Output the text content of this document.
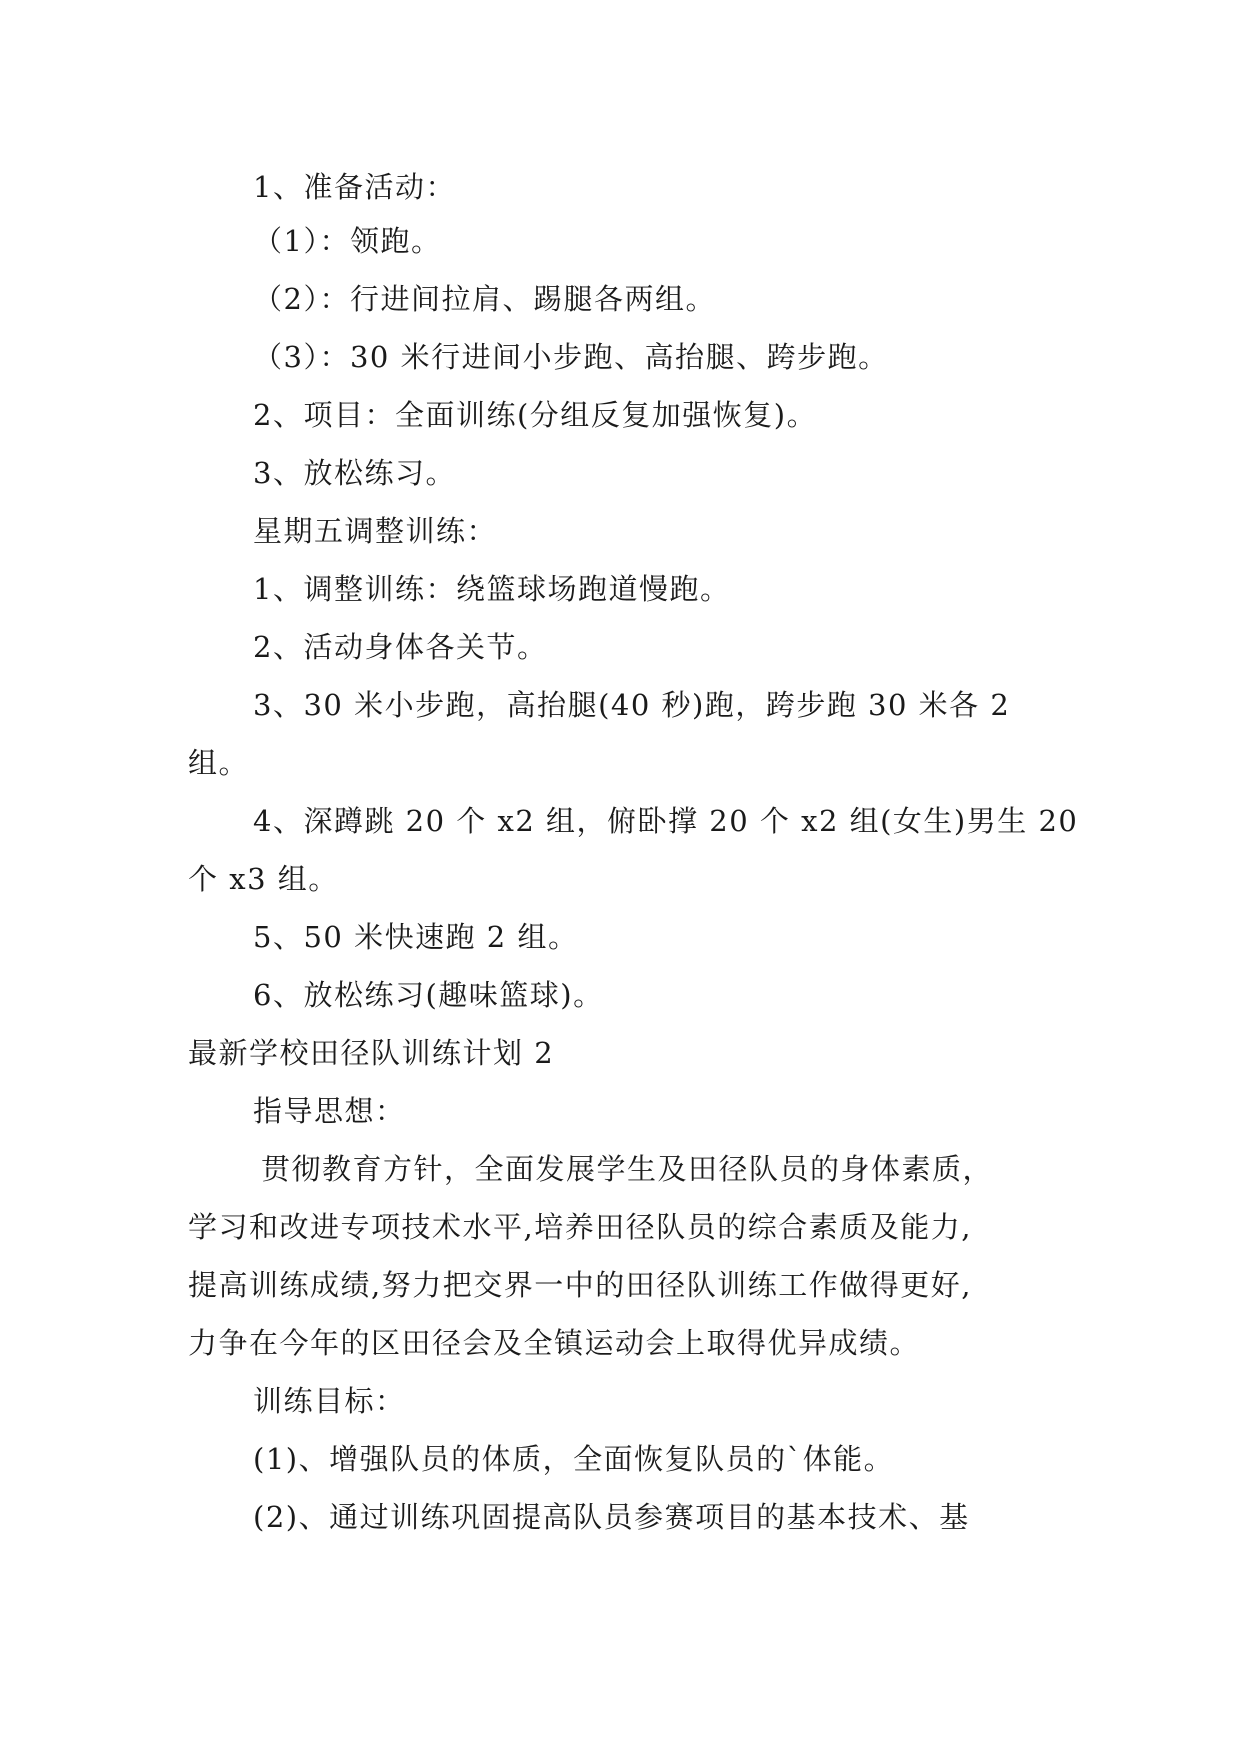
1、准备活动：

（1）：领跑。

（2）：行进间拉肩、踢腿各两组。

（3）：30 米行进间小步跑、高抬腿、跨步跑。

2、项目：全面训练(分组反复加强恢复)。

3、放松练习。

星期五调整训练：

1、调整训练：绕篮球场跑道慢跑。

2、活动身体各关节。

3、30 米小步跑，高抬腿(40 秒)跑，跨步跑 30 米各 2

组。

4、深蹲跳 20 个 x2 组，俯卧撑 20 个 x2 组(女生)男生 20

个 x3 组。

5、50 米快速跑 2 组。

6、放松练习(趣味篮球)。

最新学校田径队训练计划 2

指导思想：

贯彻教育方针，全面发展学生及田径队员的身体素质，

学习和改进专项技术水平,培养田径队员的综合素质及能力,

提高训练成绩,努力把交界一中的田径队训练工作做得更好,

力争在今年的区田径会及全镇运动会上取得优异成绩。

训练目标：

(1)、增强队员的体质，全面恢复队员的`体能。

(2)、通过训练巩固提高队员参赛项目的基本技术、基
